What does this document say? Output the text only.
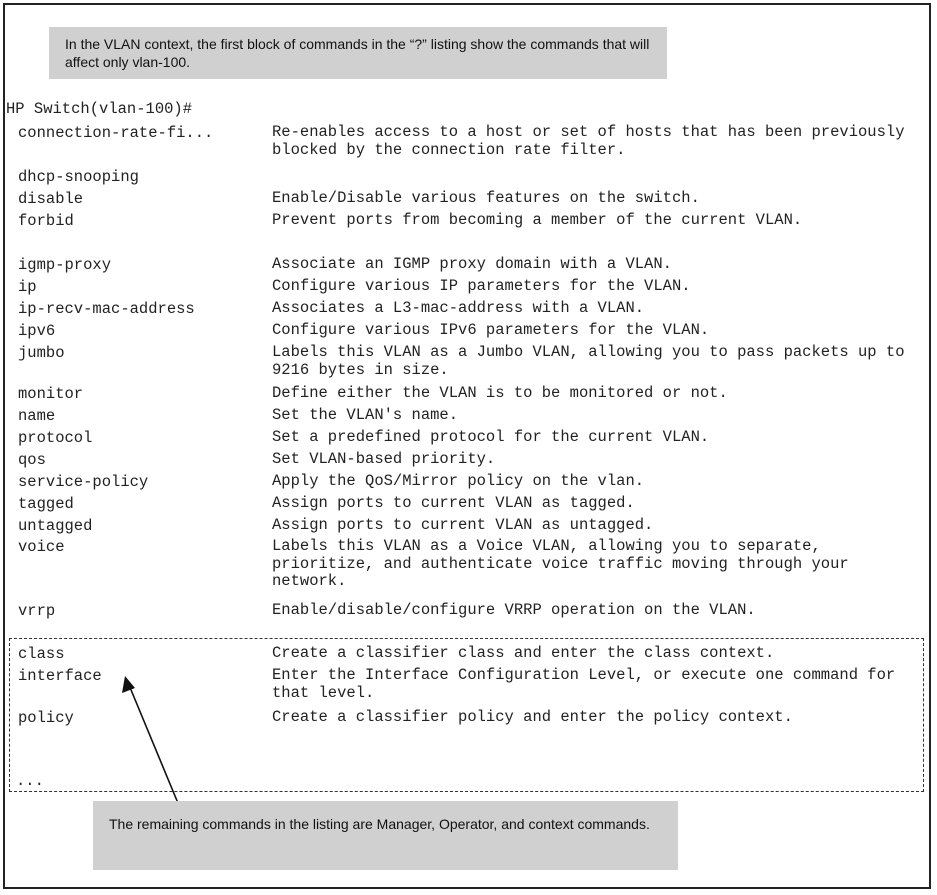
In the VLAN context, the first block of commands in the “?” listing show the commands that will affect only vlan-100.
HP Switch(vlan-100)#
connection-rate-fi...	Re-enables access to a host or set of hosts that has been previously blocked by the connection rate filter.
dhcp-snooping
disable	Enable/Disable various features on the switch.
forbid	Prevent ports from becoming a member of the current VLAN.
igmp-proxy	Associate an IGMP proxy domain with a VLAN.
ip	Configure various IP parameters for the VLAN.
ip-recv-mac-address	Associates a L3-mac-address with a VLAN.
ipv6	Configure various IPv6 parameters for the VLAN.
jumbo	Labels this VLAN as a Jumbo VLAN, allowing you to pass packets up to 9216 bytes in size.
monitor	Define either the VLAN is to be monitored or not.
name	Set the VLAN's name.
protocol	Set a predefined protocol for the current VLAN.
qos	Set VLAN-based priority.
service-policy	Apply the QoS/Mirror policy on the vlan.
tagged	Assign ports to current VLAN as tagged.
untagged	Assign ports to current VLAN as untagged.
voice	Labels this VLAN as a Voice VLAN, allowing you to separate, prioritize, and authenticate voice traffic moving through your network.
vrrp	Enable/disable/configure VRRP operation on the VLAN.
class	Create a classifier class and enter the class context.
interface	Enter the Interface Configuration Level, or execute one command for that level.
policy	Create a classifier policy and enter the policy context.
...
The remaining commands in the listing are Manager, Operator, and context commands.
